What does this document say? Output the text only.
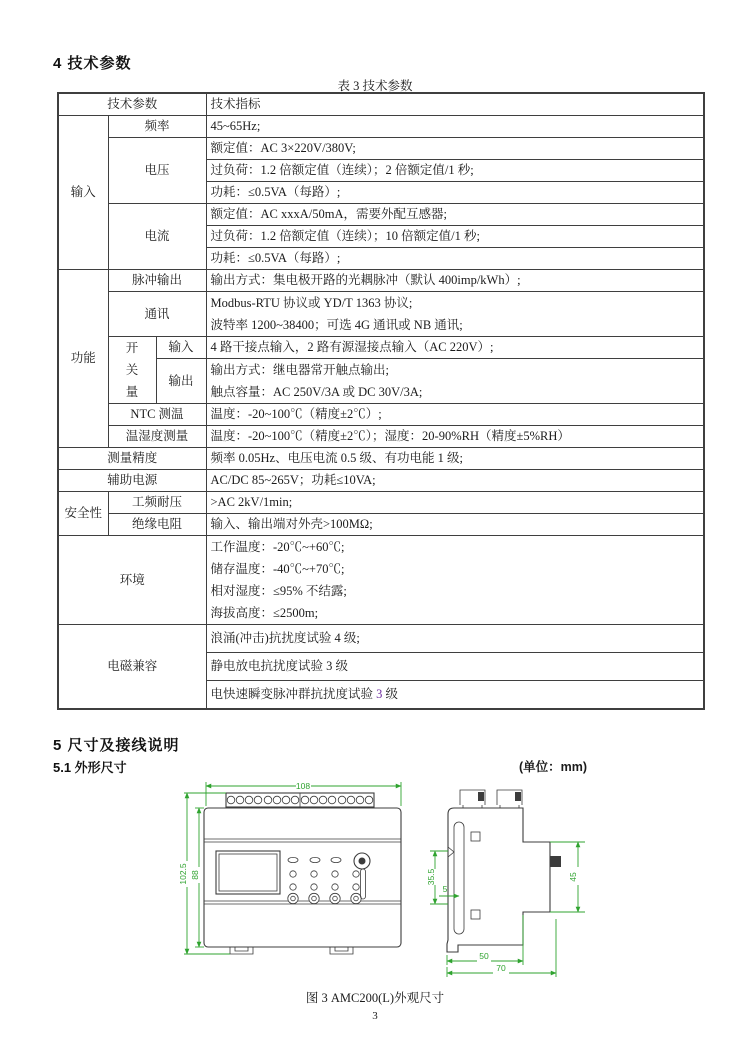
4 技术参数
表 3 技术参数
技术参数			技术指标
输入	频率		45~65Hz;
	电压		额定值：AC 3×220V/380V;
			过负荷：1.2 倍额定值（连续）；2 倍额定值/1 秒;
			功耗：≤0.5VA（每路）;
	电流		额定值：AC xxxA/50mA，需要外配互感器;
			过负荷：1.2 倍额定值（连续）；10 倍额定值/1 秒;
			功耗：≤0.5VA（每路）;
功能	脉冲输出		输出方式：集电极开路的光耦脉冲（默认 400imp/kWh）;
	通讯		Modbus-RTU 协议或 YD/T 1363 协议;
波特率 1200~38400；可选 4G 通讯或 NB 通讯;

	开关量	输入	4 路干接点输入，2 路有源湿接点输入（AC 220V）;
		输出	输出方式：继电器常开触点输出;
触点容量：AC 250V/3A 或 DC 30V/3A;

	NTC 测温		温度：-20~100℃（精度±2℃）;
	温湿度测量		温度：-20~100℃（精度±2℃）；湿度：20-90%RH（精度±5%RH）
测量精度			频率 0.05Hz、电压电流 0.5 级、有功电能 1 级;
辅助电源			AC/DC 85~265V；功耗≤10VA;
安全性	工频耐压		>AC 2kV/1min;
	绝缘电阻		输入、输出端对外壳>100MΩ;
环境			工作温度：-20℃~+60℃;
储存温度：-40℃~+70℃;
相对湿度：≤95% 不结露;
海拔高度：≤2500m;

电磁兼容			浪涌(冲击)抗扰度试验 4 级;
			静电放电抗扰度试验 3 级
			电快速瞬变脉冲群抗扰度试验 3 级
5 尺寸及接线说明
5.1 外形尺寸	(单位：mm)
108
102.5 88	35.5
5
45
50
70
图 3 AMC200(L)外观尺寸
3
